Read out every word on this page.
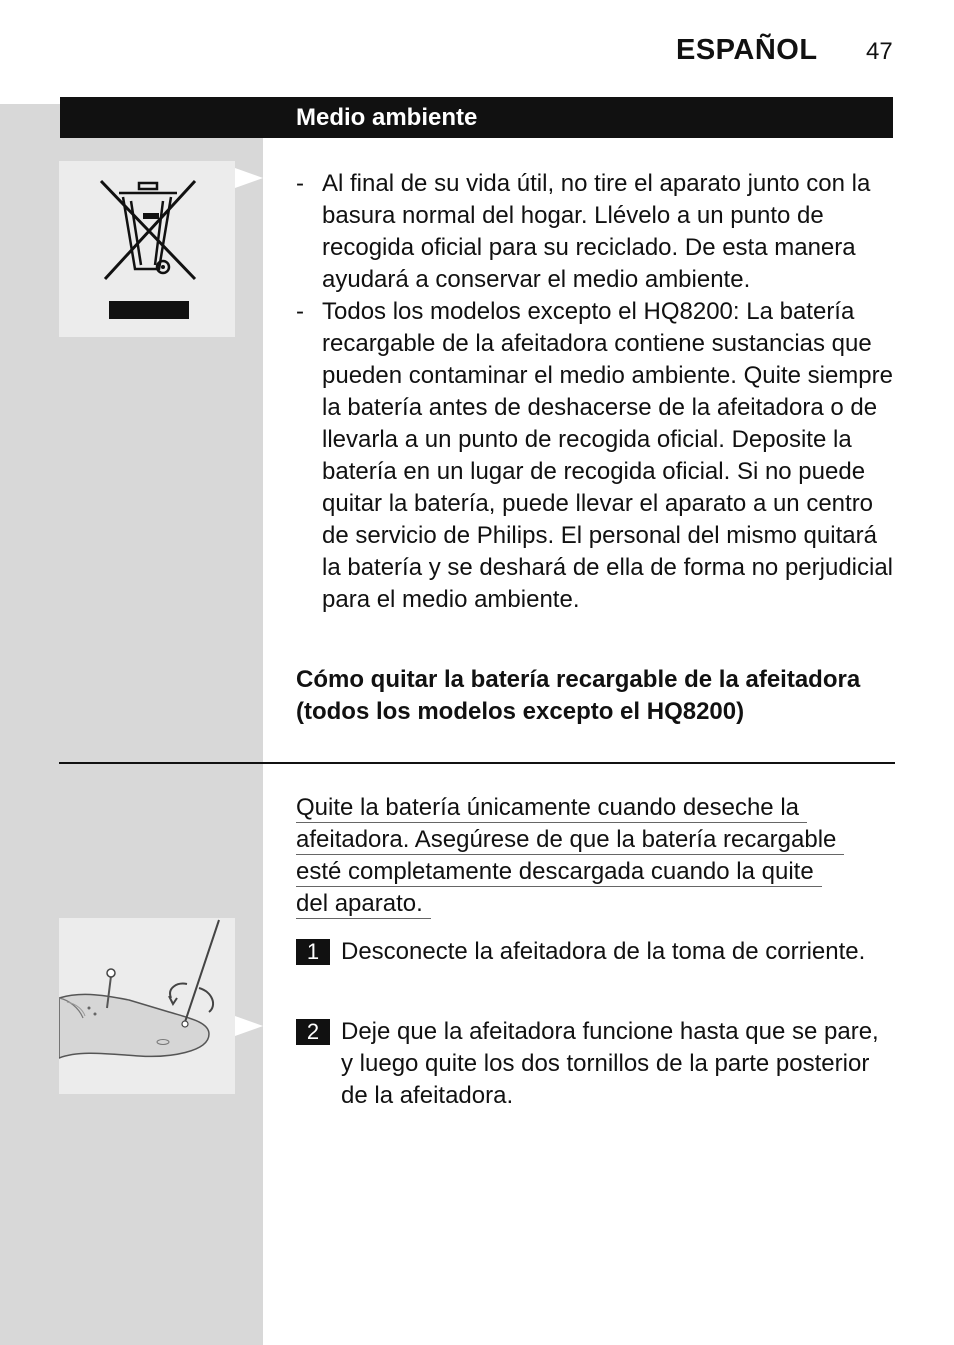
ESPAÑOL 47
Medio ambiente
- Al final de su vida útil, no tire el aparato junto con la basura normal del hogar. Llévelo a un punto de recogida oficial para su reciclado. De esta manera ayudará a conservar el medio ambiente.
- Todos los modelos excepto el HQ8200: La batería recargable de la afeitadora contiene sustancias que pueden contaminar el medio ambiente. Quite siempre la batería antes de deshacerse de la afeitadora o de llevarla a un punto de recogida oficial. Deposite la batería en un lugar de recogida oficial. Si no puede quitar la batería, puede llevar el aparato a un centro de servicio de Philips. El personal del mismo quitará la batería y se deshará de ella de forma no perjudicial para el medio ambiente.
Cómo quitar la batería recargable de la afeitadora (todos los modelos excepto el HQ8200)
Quite la batería únicamente cuando deseche la
afeitadora. Asegúrese de que la batería recargable
esté completamente descargada cuando la quite
del aparato.
1 Desconecte la afeitadora de la toma de corriente.
2 Deje que la afeitadora funcione hasta que se pare, y luego quite los dos tornillos de la parte posterior de la afeitadora.
